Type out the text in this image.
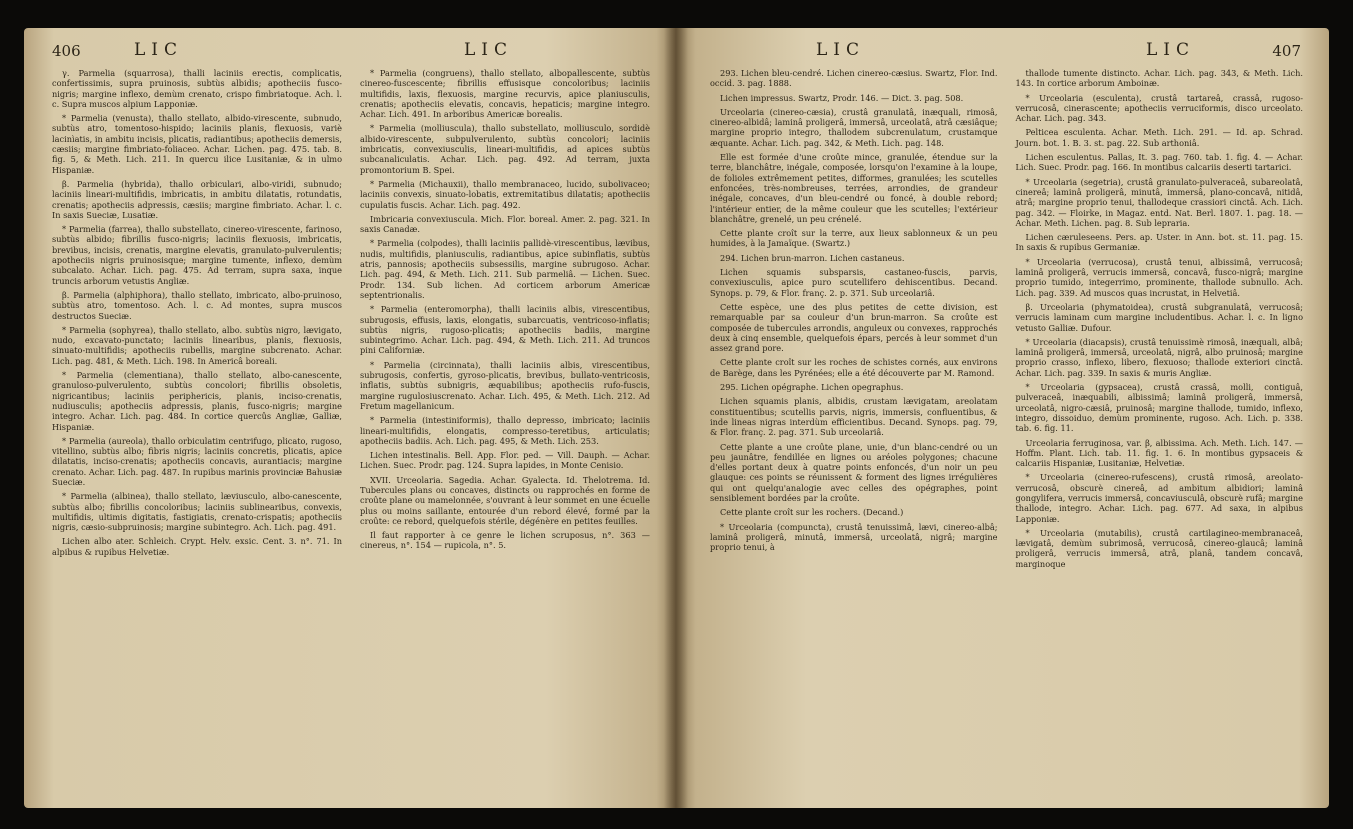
406	LIC	LIC

γ. Parmelia (squarrosa), thalli laciniis erectis, complicatis, confertissimis, supra pruinosis, subtùs albidis; apotheciis fusco-nigris; margine inflexo, demùm crenato, crispo fimbriatoque. Ach. l. c. Supra muscos alpium Lapponiæ.

* Parmelia (venusta), thallo stellato, albido-virescente, subnudo, subtùs atro, tomentoso-hispido; laciniis planis, flexuosis, variè lacinìatis, in ambitu incisis, plicatis, radiantibus; apotheciis demersis, cæsiis; margine fimbriato-foliaceo. Achar. Lichen. pag. 475. tab. 8. fig. 5, & Meth. Lich. 211. In quercu ilice Lusitaniæ, & in ulmo Hispaniæ.

β. Parmelia (hybrida), thallo orbiculari, albo-viridi, subnudo; laciniis lineari-multifidis, imbricatis, in ambitu dilatatis, rotundatis, crenatis; apotheciis adpressis, cæsiis; margine fimbriato. Achar. l. c. In saxis Sueciæ, Lusatiæ.

* Parmelia (farrea), thallo substellato, cinereo-virescente, farinoso, subtùs albido; fibrillis fusco-nigris; laciniis flexuosis, imbricatis, brevibus, incisis, crenatis, margine elevatis, granulato-pulverulentis; apotheciis nigris pruinosisque; margine tumente, inflexo, demùm subcalato. Achar. Lich. pag. 475. Ad terram, supra saxa, inque truncis arborum vetustis Angliæ.

β. Parmelia (alphiphora), thallo stellato, imbricato, albo-pruinoso, subtùs atro, tomentoso. Ach. l. c. Ad montes, supra muscos destructos Sueciæ.

* Parmelia (sophyrea), thallo stellato, albo. subtùs nigro, lævigato, nudo, excavato-punctato; laciniis linearibus, planis, flexuosis, sinuato-multifidis; apotheciis rubellis, margine subcrenato. Achar. Lich. pag. 481, & Meth. Lich. 198. In Americâ boreali.

* Parmelia (clementiana), thallo stellato, albo-canescente, granuloso-pulverulento, subtùs concolori; fibrillis obsoletis, nigricantibus; laciniis periphericis, planis, inciso-crenatis, nudiusculis; apotheciis adpressis, planis, fusco-nigris; margine integro. Achar. Lich. pag. 484. In cortice quercûs Angliæ, Galliæ, Hispaniæ.

* Parmelia (aureola), thallo orbiculatim centrifugo, plicato, rugoso, vitellino, subtùs albo; fibris nigris; laciniis concretis, plicatis, apice dilatatis, inciso-crenatis; apotheciis concavis, aurantiacis; margine crenato. Achar. Lich. pag. 487. In rupibus marinis provinciæ Bahusiæ Sueciæ.

* Parmelia (albinea), thallo stellato, læviusculo, albo-canescente, subtùs albo; fibrillis concoloribus; laciniis sublinearibus, convexis, multifidis, ultimis digitatis, fastigiatis, crenato-crispatis; apotheciis nigris, cæsio-subpruinosis; margine subintegro. Ach. Lich. pag. 491.

Lichen albo ater. Schleich. Crypt. Helv. exsic. Cent. 3. n°. 71. In alpibus & rupibus Helvetiæ.

* Parmelia (congruens), thallo stellato, albopallescente, subtùs cinereo-fuscescente; fibrillis effusisque concoloribus; laciniis multifidis, laxis, flexuosis, margine recurvis, apice planiusculis, crenatis; apotheciis elevatis, concavis, hepaticis; margine integro. Achar. Lich. 491. In arboribus Americæ borealis.

* Parmelia (molliuscula), thallo substellato, molliusculo, sordidè albido-virescente, subpulverulento, subtùs concolori; laciniis imbricatis, convexiusculis, lineari-multifidis, ad apices subtùs subcanaliculatis. Achar. Lich. pag. 492. Ad terram, juxta promontorium B. Spei.

* Parmelia (Michauxii), thallo membranaceo, lucido, subolivaceo; laciniis convexis, sinuato-lobatis, extremitatibus dilatatis; apotheciis cupulatis fuscis. Achar. Lich. pag. 492.

Imbricaria convexiuscula. Mich. Flor. boreal. Amer. 2. pag. 321. In saxis Canadæ.

* Parmelia (colpodes), thalli laciniis pallidè-virescentibus, lævibus, nudis, multifidis, planiusculis, radiantibus, apice subinflatis, subtùs atris, pannosis; apotheciis subsessilis, margine subrugoso. Achar. Lich. pag. 494, & Meth. Lich. 211. Sub parmeliâ. — Lichen. Suec. Prodr. 134. Sub lichen. Ad corticem arborum Americæ septentrionalis.

* Parmelia (enteromorpha), thalli laciniis albis, virescentibus, subrugosis, effusis, laxis, elongatis, subarcuatis, ventricoso-inflatis; subtùs nigris, rugoso-plicatis; apotheciis badiis, margine subintegrimo. Achar. Lich. pag. 494, & Meth. Lich. 211. Ad truncos pini Californiæ.

* Parmelia (circinnata), thalli laciniis albis, virescentibus, subrugosis, confertis, gyroso-plicatis, brevibus, bullato-ventricosis, inflatis, subtùs subnigris, æquabilibus; apotheciis rufo-fuscis, margine rugulosiuscrenato. Achar. Lich. 495, & Meth. Lich. 212. Ad Fretum magellanicum.

* Parmelia (intestiniformis), thallo depresso, imbricato; laciniis lineari-multifidis, elongatis, compresso-teretibus, articulatis; apotheciis badiis. Ach. Lich. pag. 495, & Meth. Lich. 253.

Lichen intestinalis. Bell. App. Flor. ped. — Vill. Dauph. — Achar. Lichen. Suec. Prodr. pag. 124. Supra lapides, in Monte Cenisio.

XVII. Urceolaria. Sagedia. Achar. Gyalecta. Id. Thelotrema. Id. Tubercules plans ou concaves, distincts ou rapprochés en forme de croûte plane ou mamelonnée, s'ouvrant à leur sommet en une écuelle plus ou moins saillante, entourée d'un rebord élevé, formé par la croûte: ce rebord, quelquefois stérile, dégénère en petites feuilles.

Il faut rapporter à ce genre le lichen scruposus, n°. 363 — cinereus, n°. 154 — rupicola, n°. 5.

LIC	LIC	407

293. Lichen bleu-cendré. Lichen cinereo-cæsius. Swartz, Flor. Ind. occid. 3. pag. 1888.

Lichen impressus. Swartz, Prodr. 146. — Dict. 3. pag. 508.

Urceolaria (cinereo-cæsia), crustâ granulatâ, inæquali, rimosâ, cinereo-albidâ; laminâ proligerâ, immersâ, urceolatâ, atrâ cæsiâque; margine proprio integro, thallodem subcrenulatum, crustamque æquante. Achar. Lich. pag. 342, & Meth. Lich. pag. 148.

Elle est formée d'une croûte mince, granulée, étendue sur la terre, blanchâtre, inégale, composée, lorsqu'on l'examine à la loupe, de folioles extrêmement petites, difformes, granulées; les scutelles enfoncées, très-nombreuses, terrées, arrondies, de grandeur inégale, concaves, d'un bleu-cendré ou foncé, à double rebord; l'intérieur entier, de la même couleur que les scutelles; l'extérieur blanchâtre, grenelé, un peu crénelé.

Cette plante croît sur la terre, aux lieux sablonneux & un peu humides, à la Jamaïque. (Swartz.)

294. Lichen brun-marron. Lichen castaneus.

Lichen squamis subsparsis, castaneo-fuscis, parvis, convexiusculis, apice puro scutellifero dehiscentibus. Decand. Synops. p. 79, & Flor. franç. 2. p. 371. Sub urceolariâ.

Cette espèce, une des plus petites de cette division, est remarquable par sa couleur d'un brun-marron. Sa croûte est composée de tubercules arrondis, anguleux ou convexes, rapprochés deux à cinq ensemble, quelquefois épars, percés à leur sommet d'un assez grand pore.

Cette plante croît sur les roches de schistes cornés, aux environs de Barège, dans les Pyrénées; elle a été découverte par M. Ramond.

295. Lichen opégraphe. Lichen opegraphus.

Lichen squamis planis, albidis, crustam lævigatam, areolatam constituentibus; scutellis parvis, nigris, immersis, confluentibus, & inde lineas nigras interdùm efficientibus. Decand. Synops. pag. 79, & Flor. franç. 2. pag. 371. Sub urceolariâ.

Cette plante a une croûte plane, unie, d'un blanc-cendré ou un peu jaunâtre, fendillée en lignes ou aréoles polygones; chacune d'elles portant deux à quatre points enfoncés, d'un noir un peu glauque: ces points se réunissent & forment des lignes irrégulières qui ont quelqu'analogie avec celles des opégraphes, point sensiblement bordées par la croûte.

Cette plante croît sur les rochers. (Decand.)

* Urceolaria (compuncta), crustâ tenuissimâ, lævi, cinereo-albâ; laminâ proligerâ, minutâ, immersâ, urceolatâ, nigrâ; margine proprio tenui, à

thallode tumente distincto. Achar. Lich. pag. 343, & Meth. Lich. 143. In cortice arborum Amboinæ.

* Urceolaria (esculenta), crustâ tartareâ, crassâ, rugoso-verrucosâ, cinerascente; apotheciis verruciformis, disco urceolato. Achar. Lich. pag. 343.

Pelticea esculenta. Achar. Meth. Lich. 291. — Id. ap. Schrad. Journ. bot. 1. B. 3. st. pag. 22. Sub arthoniâ.

Lichen esculentus. Pallas, It. 3. pag. 760. tab. 1. fig. 4. — Achar. Lich. Suec. Prodr. pag. 166. In montibus calcariis deserti tartarici.

* Urceolaria (segetria), crustâ granulato-pulveraceâ, subareolatâ, cinereâ; laminâ proligerâ, minutâ, immersâ, plano-concavâ, nitidâ, atrâ; margine proprio tenui, thallodeque crassiori cinctâ. Ach. Lich. pag. 342. — Floirke, in Magaz. entd. Nat. Berl. 1807. 1. pag. 18. — Achar. Meth. Lichen. pag. 8. Sub lepraria.

Lichen cæruleseens. Pers. ap. Uster. in Ann. bot. st. 11. pag. 15. In saxis & rupibus Germaniæ.

* Urceolaria (verrucosa), crustâ tenui, albissimâ, verrucosâ; laminâ proligerâ, verrucis immersâ, concavâ, fusco-nigrâ; margine proprio tumido, integerrimo, prominente, thallode subnullo. Ach. Lich. pag. 339. Ad muscos quas incrustat, in Helvetiâ.

β. Urceolaria (phymatoidea), crustâ subgranulatâ, verrucosâ; verrucis laminam cum margine includentibus. Achar. l. c. In ligno vetusto Galliæ. Dufour.

* Urceolaria (diacapsis), crustâ tenuissimè rimosâ, inæquali, albâ; laminâ proligerâ, immersâ, urceolatâ, nigrâ, albo pruinosâ; margine proprio crasso, inflexo, libero, flexuoso; thallode exteriori cinctâ. Achar. Lich. pag. 339. In saxis & muris Angliæ.

* Urceolaria (gypsacea), crustâ crassâ, molli, contiguâ, pulveraceâ, inæquabili, albissimâ; laminâ proligerâ, immersâ, urceolatâ, nigro-cæsiâ, pruinosâ; margine thallode, tumido, inflexo, integro, dissoiduo, demùm prominente, rugoso. Ach. Lich. p. 338. tab. 6. fig. 11.

Urceolaria ferruginosa, var. β, albissima. Ach. Meth. Lich. 147. — Hoffm. Plant. Lich. tab. 11. fig. 1. 6. In montibus gypsaceis & calcariis Hispaniæ, Lusitaniæ, Helvetiæ.

* Urceolaria (cinereo-rufescens), crustâ rimosâ, areolato-verrucosâ, obscurè cinereâ, ad ambitum albidiori; laminâ gongylifera, verrucis immersâ, concaviusculâ, obscurè rufâ; margine thallode, integro. Achar. Lich. pag. 677. Ad saxa, in alpibus Lapponiæ.

* Urceolaria (mutabilis), crustâ cartilagineo-membranaceâ, lævigatâ, demùm subrimosâ, verrucosâ, cinereo-glaucâ; laminâ proligerâ, verrucis immersâ, atrâ, planâ, tandem concavâ, marginoque
